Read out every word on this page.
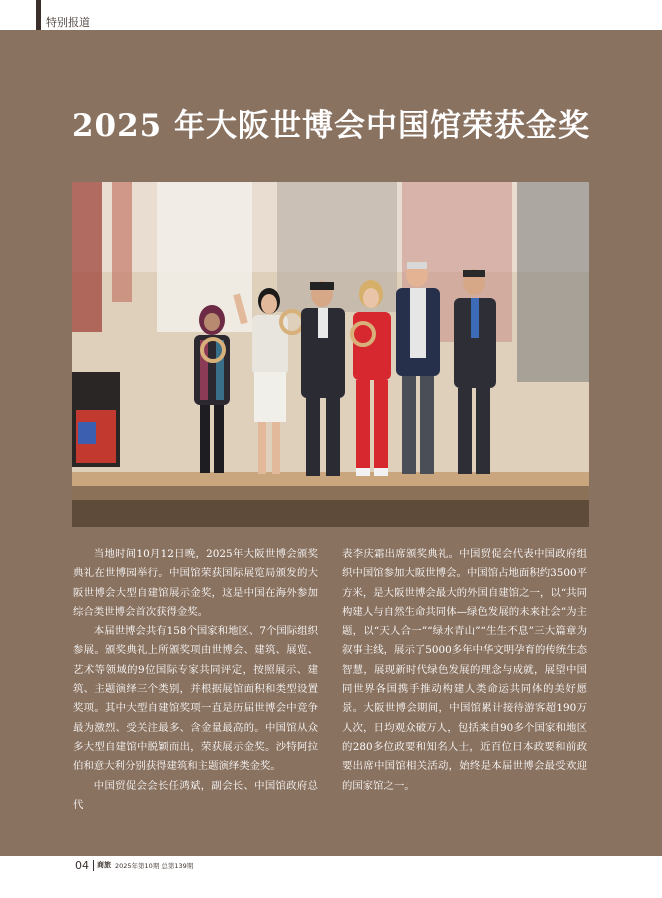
特别报道
2025 年大阪世博会中国馆荣获金奖

当地时间10月12日晚，2025年大阪世博会颁奖典礼在世博园举行。中国馆荣获国际展览局颁发的大阪世博会大型自建馆展示金奖，这是中国在海外参加综合类世博会首次获得金奖。

本届世博会共有158个国家和地区、7个国际组织参展。颁奖典礼上所颁奖项由世博会、建筑、展览、艺术等领域的9位国际专家共同评定，按照展示、建筑、主题演绎三个类别，并根据展馆面积和类型设置奖项。其中大型自建馆奖项一直是历届世博会中竞争最为激烈、受关注最多、含金量最高的。中国馆从众多大型自建馆中脱颖而出，荣获展示金奖。沙特阿拉伯和意大利分别获得建筑和主题演绎类金奖。

中国贸促会会长任鸿斌，副会长、中国馆政府总代

表李庆霜出席颁奖典礼。中国贸促会代表中国政府组织中国馆参加大阪世博会。中国馆占地面积约3500平方米，是大阪世博会最大的外国自建馆之一，以“共同构建人与自然生命共同体—绿色发展的未来社会”为主题，以“天人合一”“绿水青山”“生生不息”三大篇章为叙事主线，展示了5000多年中华文明孕育的传统生态智慧，展现新时代绿色发展的理念与成就，展望中国同世界各国携手推动构建人类命运共同体的美好愿景。大阪世博会期间，中国馆累计接待游客超190万人次，日均观众破万人，包括来自90多个国家和地区的280多位政要和知名人士，近百位日本政要和前政要出席中国馆相关活动，始终是本届世博会最受欢迎的国家馆之一。

04 商旅 2025年第10期 总第139期
